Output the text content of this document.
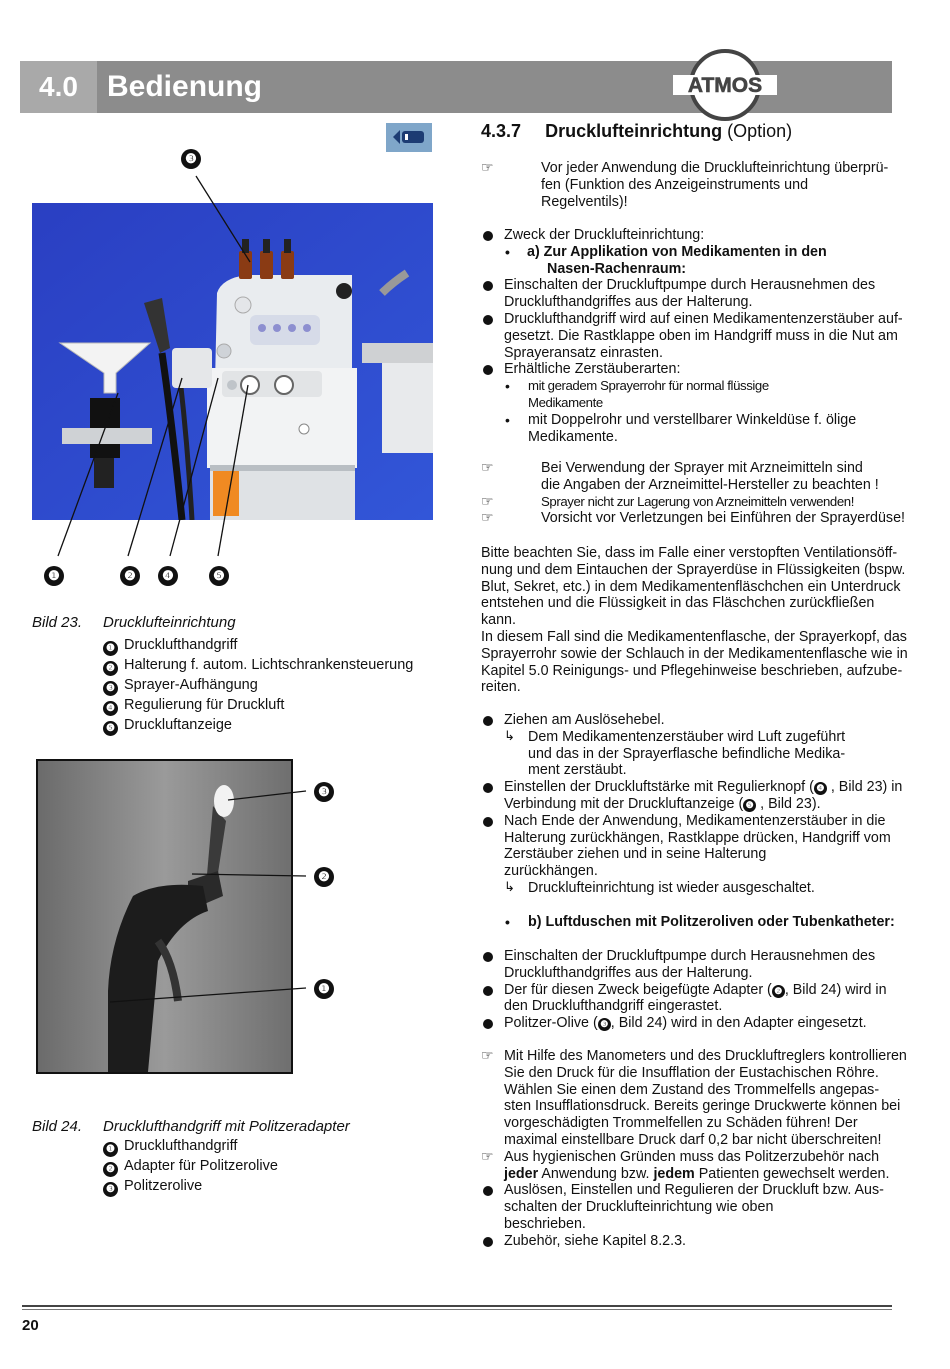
4.0 Bedienung	ATMOS
4.3.7 Drucklufteinrichtung (Option)
❸
❶	❷	❹	❺
Bild 23. Drucklufteinrichtung
❶ Drucklufthandgriff
❷ Halterung f. autom. Lichtschrankensteuerung
❸ Sprayer-Aufhängung
❹ Regulierung für Druckluft
❺ Druckluftanzeige
❸
❷
❶
Bild 24. Drucklufthandgriff mit Politzeradapter
❶ Drucklufthandgriff
❷ Adapter für Politzerolive
❸ Politzerolive
☞	Vor jeder Anwendung die Drucklufteinrichtung überprü-
fen (Funktion des Anzeigeinstruments und
Regelventils)!
Zweck der Drucklufteinrichtung:
• a) Zur Applikation von Medikamenten in den
Nasen-Rachenraum:
Einschalten der Druckluftpumpe durch Herausnehmen des
Drucklufthandgriffes aus der Halterung.
Drucklufthandgriff wird auf einen Medikamentenzerstäuber auf-
gesetzt. Die Rastklappe oben im Handgriff muss in die Nut am
Sprayeransatz einrasten.
Erhältliche Zerstäuberarten:
• mit geradem Sprayerrohr für normal flüssige
Medikamente
• mit Doppelrohr und verstellbarer Winkeldüse f. ölige
Medikamente.
☞	Bei Verwendung der Sprayer mit Arzneimitteln sind
die Angaben der Arzneimittel-Hersteller zu beachten !
☞	Sprayer nicht zur Lagerung von Arzneimitteln verwenden!
☞	Vorsicht vor Verletzungen bei Einführen der Sprayerdüse!
Bitte beachten Sie, dass im Falle einer verstopften Ventilationsöff-
nung und dem Eintauchen der Sprayerdüse in Flüssigkeiten (bspw.
Blut, Sekret, etc.) in dem Medikamentenfläschchen ein Unterdruck
entstehen und die Flüssigkeit in das Fläschchen zurückfließen
kann.
In diesem Fall sind die Medikamentenflasche, der Sprayerkopf, das
Sprayerrohr sowie der Schlauch in der Medikamentenflasche wie in
Kapitel 5.0 Reinigungs- und Pflegehinweise beschrieben, aufzube-
reiten.
Ziehen am Auslösehebel.
↳ Dem Medikamentenzerstäuber wird Luft zugeführt
und das in der Sprayerflasche befindliche Medika-
ment zerstäubt.
Einstellen der Druckluftstärke mit Regulierknopf ( ❹ , Bild 23) in
Verbindung mit der Druckluftanzeige ( ❺ , Bild 23).
Nach Ende der Anwendung, Medikamentenzerstäuber in die
Halterung zurückhängen, Rastklappe drücken, Handgriff vom
Zerstäuber ziehen und in seine Halterung
zurückhängen.
↳ Drucklufteinrichtung ist wieder ausgeschaltet.
• b) Luftduschen mit Politzeroliven oder Tubenkatheter:
Einschalten der Druckluftpumpe durch Herausnehmen des
Drucklufthandgriffes aus der Halterung.
Der für diesen Zweck beigefügte Adapter ( ❷ , Bild 24) wird in
den Drucklufthandgriff eingerastet.
Politzer-Olive ( ❸ , Bild 24) wird in den Adapter eingesetzt.
☞ Mit Hilfe des Manometers und des Druckluftreglers kontrollieren
Sie den Druck für die Insufflation der Eustachischen Röhre.
Wählen Sie einen dem Zustand des Trommelfells angepas-
sten Insufflationsdruck. Bereits geringe Druckwerte können bei
vorgeschädigten Trommelfellen zu Schäden führen! Der
maximal einstellbare Druck darf 0,2 bar nicht überschreiten!
☞ Aus hygienischen Gründen muss das Politzerzubehör nach
jeder Anwendung bzw. jedem Patienten gewechselt werden.
Auslösen, Einstellen und Regulieren der Druckluft bzw. Aus-
schalten der Drucklufteinrichtung wie oben
beschrieben.
Zubehör, siehe Kapitel 8.2.3.
20
